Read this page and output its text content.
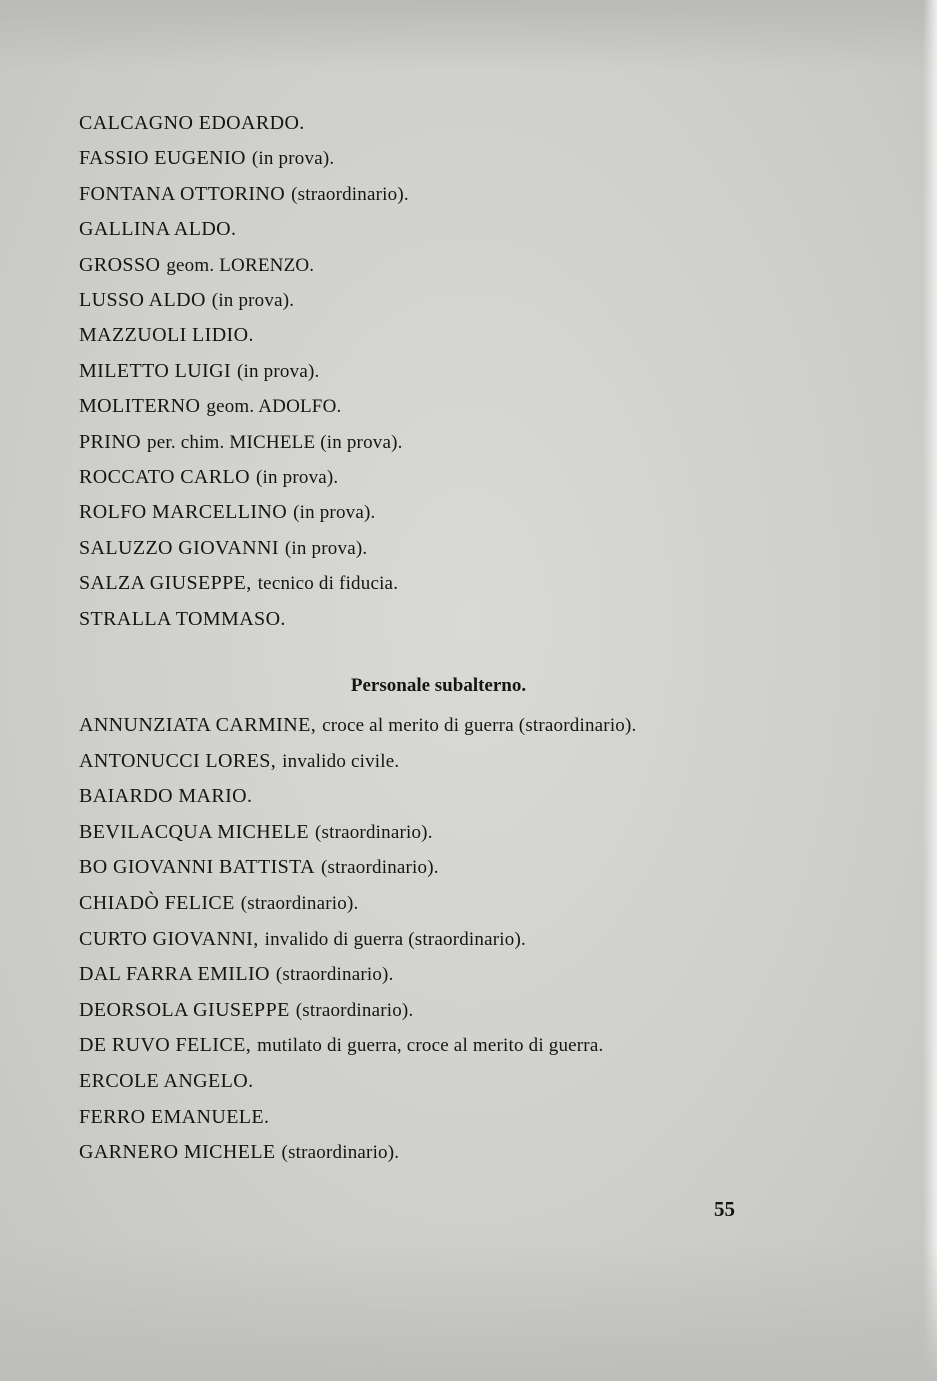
CALCAGNO EDOARDO.
FASSIO EUGENIO (in prova).
FONTANA OTTORINO (straordinario).
GALLINA ALDO.
GROSSO geom. LORENZO.
LUSSO ALDO (in prova).
MAZZUOLI LIDIO.
MILETTO LUIGI (in prova).
MOLITERNO geom. ADOLFO.
PRINO per. chim. MICHELE (in prova).
ROCCATO CARLO (in prova).
ROLFO MARCELLINO (in prova).
SALUZZO GIOVANNI (in prova).
SALZA GIUSEPPE, tecnico di fiducia.
STRALLA TOMMASO.
Personale subalterno.
ANNUNZIATA CARMINE, croce al merito di guerra (straordinario).
ANTONUCCI LORES, invalido civile.
BAIARDO MARIO.
BEVILACQUA MICHELE (straordinario).
BO GIOVANNI BATTISTA (straordinario).
CHIADÒ FELICE (straordinario).
CURTO GIOVANNI, invalido di guerra (straordinario).
DAL FARRA EMILIO (straordinario).
DEORSOLA GIUSEPPE (straordinario).
DE RUVO FELICE, mutilato di guerra, croce al merito di guerra.
ERCOLE ANGELO.
FERRO EMANUELE.
GARNERO MICHELE (straordinario).
55
